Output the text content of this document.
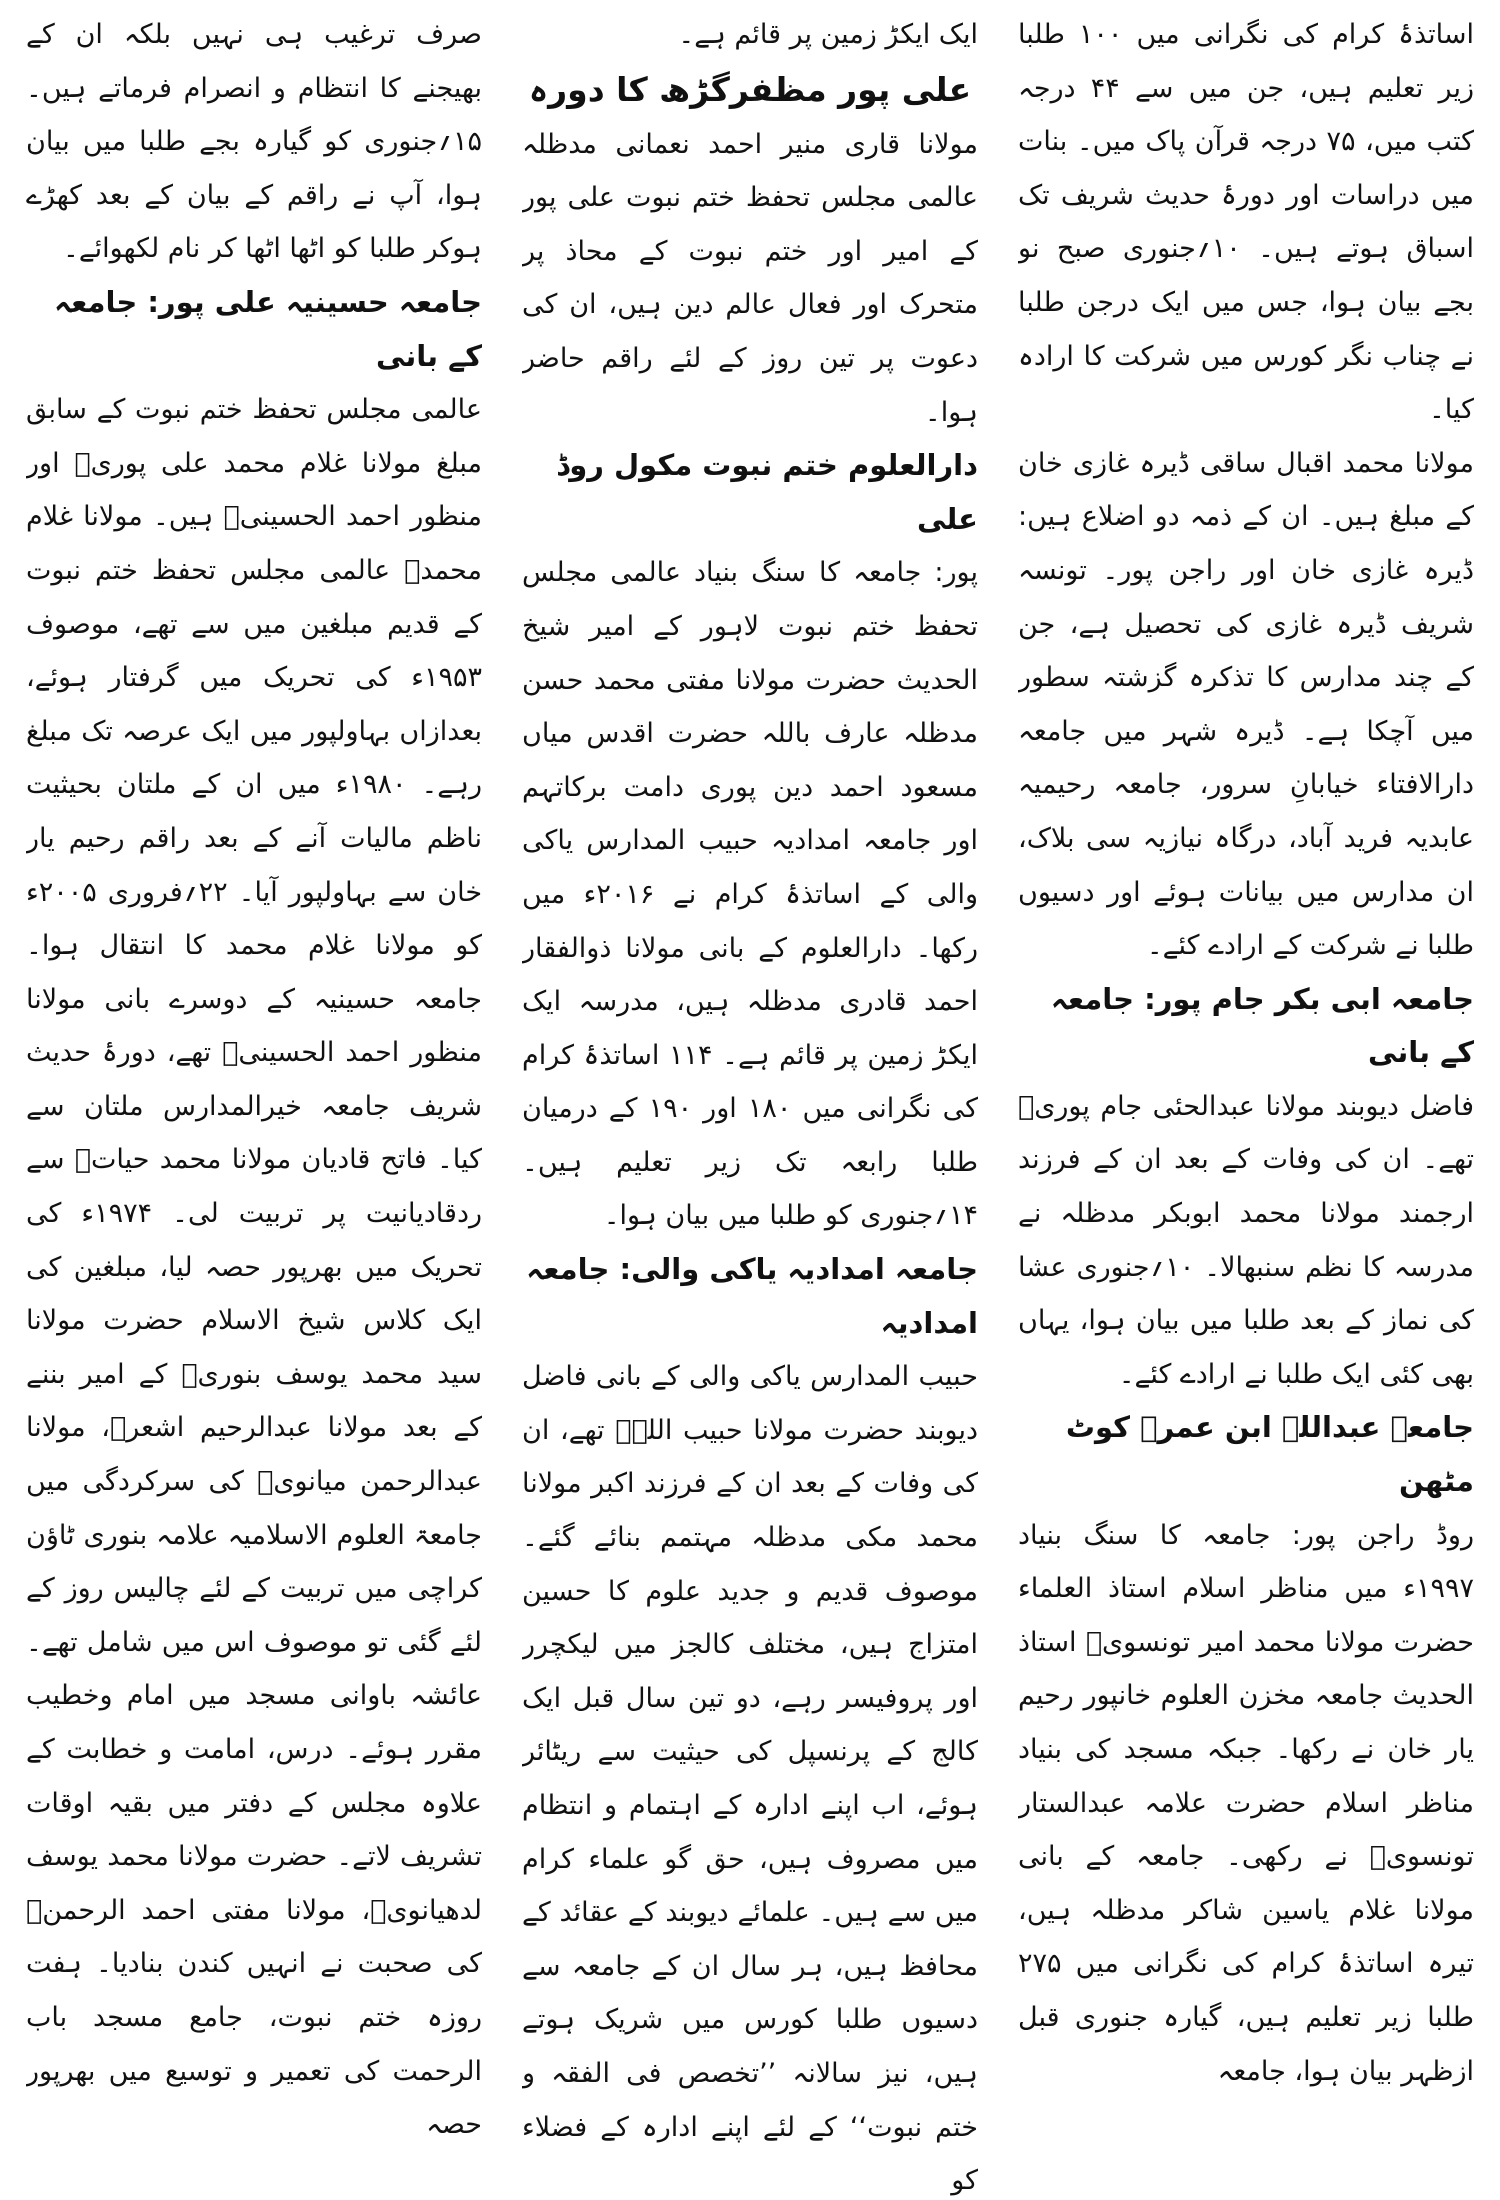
اساتذۂ کرام کی نگرانی میں ۱۰۰ طلبا زیر تعلیم ہیں، جن میں سے ۴۴ درجہ کتب میں، ۷۵ درجہ قرآن پاک میں۔ بنات میں دراسات اور دورۂ حدیث شریف تک اسباق ہوتے ہیں۔ ۱۰؍جنوری صبح نو بجے بیان ہوا، جس میں ایک درجن طلبا نے چناب نگر کورس میں شرکت کا ارادہ کیا۔

مولانا محمد اقبال ساقی ڈیرہ غازی خان کے مبلغ ہیں۔ ان کے ذمہ دو اضلاع ہیں: ڈیرہ غازی خان اور راجن پور۔ تونسہ شریف ڈیرہ غازی کی تحصیل ہے، جن کے چند مدارس کا تذکرہ گزشتہ سطور میں آچکا ہے۔ ڈیرہ شہر میں جامعہ دارالافتاء خیابانِ سرور، جامعہ رحیمیہ عابدیہ فرید آباد، درگاہ نیازیہ سی بلاک، ان مدارس میں بیانات ہوئے اور دسیوں طلبا نے شرکت کے ارادے کئے۔

جامعہ ابی بکر جام پور: جامعہ کے بانی

فاضل دیوبند مولانا عبدالحئی جام پوریؒ تھے۔ ان کی وفات کے بعد ان کے فرزند ارجمند مولانا محمد ابوبکر مدظلہ نے مدرسہ کا نظم سنبھالا۔ ۱۰؍جنوری عشا کی نماز کے بعد طلبا میں بیان ہوا، یہاں بھی کئی ایک طلبا نے ارادے کئے۔

جامعہ عبداللہ ابن عمرؓ کوٹ مٹھن

روڈ راجن پور: جامعہ کا سنگ بنیاد ۱۹۹۷ء میں مناظر اسلام استاذ العلماء حضرت مولانا محمد امیر تونسویؒ استاذ الحدیث جامعہ مخزن العلوم خانپور رحیم یار خان نے رکھا۔ جبکہ مسجد کی بنیاد مناظر اسلام حضرت علامہ عبدالستار تونسویؒ نے رکھی۔ جامعہ کے بانی مولانا غلام یاسین شاکر مدظلہ ہیں، تیرہ اساتذۂ کرام کی نگرانی میں ۲۷۵ طلبا زیر تعلیم ہیں، گیارہ جنوری قبل ازظہر بیان ہوا، جامعہ

ایک ایکڑ زمین پر قائم ہے۔

علی پور مظفرگڑھ کا دورہ

مولانا قاری منیر احمد نعمانی مدظلہ عالمی مجلس تحفظ ختم نبوت علی پور کے امیر اور ختم نبوت کے محاذ پر متحرک اور فعال عالم دین ہیں، ان کی دعوت پر تین روز کے لئے راقم حاضر ہوا۔

دارالعلوم ختم نبوت مکول روڈ علی

پور: جامعہ کا سنگ بنیاد عالمی مجلس تحفظ ختم نبوت لاہور کے امیر شیخ الحدیث حضرت مولانا مفتی محمد حسن مدظلہ عارف باللہ حضرت اقدس میاں مسعود احمد دین پوری دامت برکاتہم اور جامعہ امدادیہ حبیب المدارس یاکی والی کے اساتذۂ کرام نے ۲۰۱۶ء میں رکھا۔ دارالعلوم کے بانی مولانا ذوالفقار احمد قادری مدظلہ ہیں، مدرسہ ایک ایکڑ زمین پر قائم ہے۔ ۱۱۴ اساتذۂ کرام کی نگرانی میں ۱۸۰ اور ۱۹۰ کے درمیان طلبا رابعہ تک زیر تعلیم ہیں۔ ۱۴؍جنوری کو طلبا میں بیان ہوا۔

جامعہ امدادیہ یاکی والی: جامعہ امدادیہ

حبیب المدارس یاکی والی کے بانی فاضل دیوبند حضرت مولانا حبیب اللہؒ تھے، ان کی وفات کے بعد ان کے فرزند اکبر مولانا محمد مکی مدظلہ مہتمم بنائے گئے۔ موصوف قدیم و جدید علوم کا حسین امتزاج ہیں، مختلف کالجز میں لیکچرر اور پروفیسر رہے، دو تین سال قبل ایک کالج کے پرنسپل کی حیثیت سے ریٹائر ہوئے، اب اپنے ادارہ کے اہتمام و انتظام میں مصروف ہیں، حق گو علماء کرام میں سے ہیں۔ علمائے دیوبند کے عقائد کے محافظ ہیں، ہر سال ان کے جامعہ سے دسیوں طلبا کورس میں شریک ہوتے ہیں، نیز سالانہ ’’تخصص فی الفقہ و ختم نبوت‘‘ کے لئے اپنے ادارہ کے فضلاء کو

صرف ترغیب ہی نہیں بلکہ ان کے بھیجنے کا انتظام و انصرام فرماتے ہیں۔ ۱۵؍جنوری کو گیارہ بجے طلبا میں بیان ہوا، آپ نے راقم کے بیان کے بعد کھڑے ہوکر طلبا کو اٹھا اٹھا کر نام لکھوائے۔

جامعہ حسینیہ علی پور: جامعہ کے بانی

عالمی مجلس تحفظ ختم نبوت کے سابق مبلغ مولانا غلام محمد علی پوریؒ اور منظور احمد الحسینیؒ ہیں۔ مولانا غلام محمدؒ عالمی مجلس تحفظ ختم نبوت کے قدیم مبلغین میں سے تھے، موصوف ۱۹۵۳ء کی تحریک میں گرفتار ہوئے، بعدازاں بہاولپور میں ایک عرصہ تک مبلغ رہے۔ ۱۹۸۰ء میں ان کے ملتان بحیثیت ناظم مالیات آنے کے بعد راقم رحیم یار خان سے بہاولپور آیا۔ ۲۲؍فروری ۲۰۰۵ء کو مولانا غلام محمد کا انتقال ہوا۔ جامعہ حسینیہ کے دوسرے بانی مولانا منظور احمد الحسینیؒ تھے، دورۂ حدیث شریف جامعہ خیرالمدارس ملتان سے کیا۔ فاتح قادیان مولانا محمد حیاتؒ سے ردقادیانیت پر تربیت لی۔ ۱۹۷۴ء کی تحریک میں بھرپور حصہ لیا، مبلغین کی ایک کلاس شیخ الاسلام حضرت مولانا سید محمد یوسف بنوریؒ کے امیر بننے کے بعد مولانا عبدالرحیم اشعرؒ، مولانا عبدالرحمن میانویؒ کی سرکردگی میں جامعۃ العلوم الاسلامیہ علامہ بنوری ٹاؤن کراچی میں تربیت کے لئے چالیس روز کے لئے گئی تو موصوف اس میں شامل تھے۔ عائشہ باوانی مسجد میں امام وخطیب مقرر ہوئے۔ درس، امامت و خطابت کے علاوہ مجلس کے دفتر میں بقیہ اوقات تشریف لاتے۔ حضرت مولانا محمد یوسف لدھیانویؒ، مولانا مفتی احمد الرحمنؒ کی صحبت نے انہیں کندن بنادیا۔ ہفت روزہ ختم نبوت، جامع مسجد باب الرحمت کی تعمیر و توسیع میں بھرپور حصہ
